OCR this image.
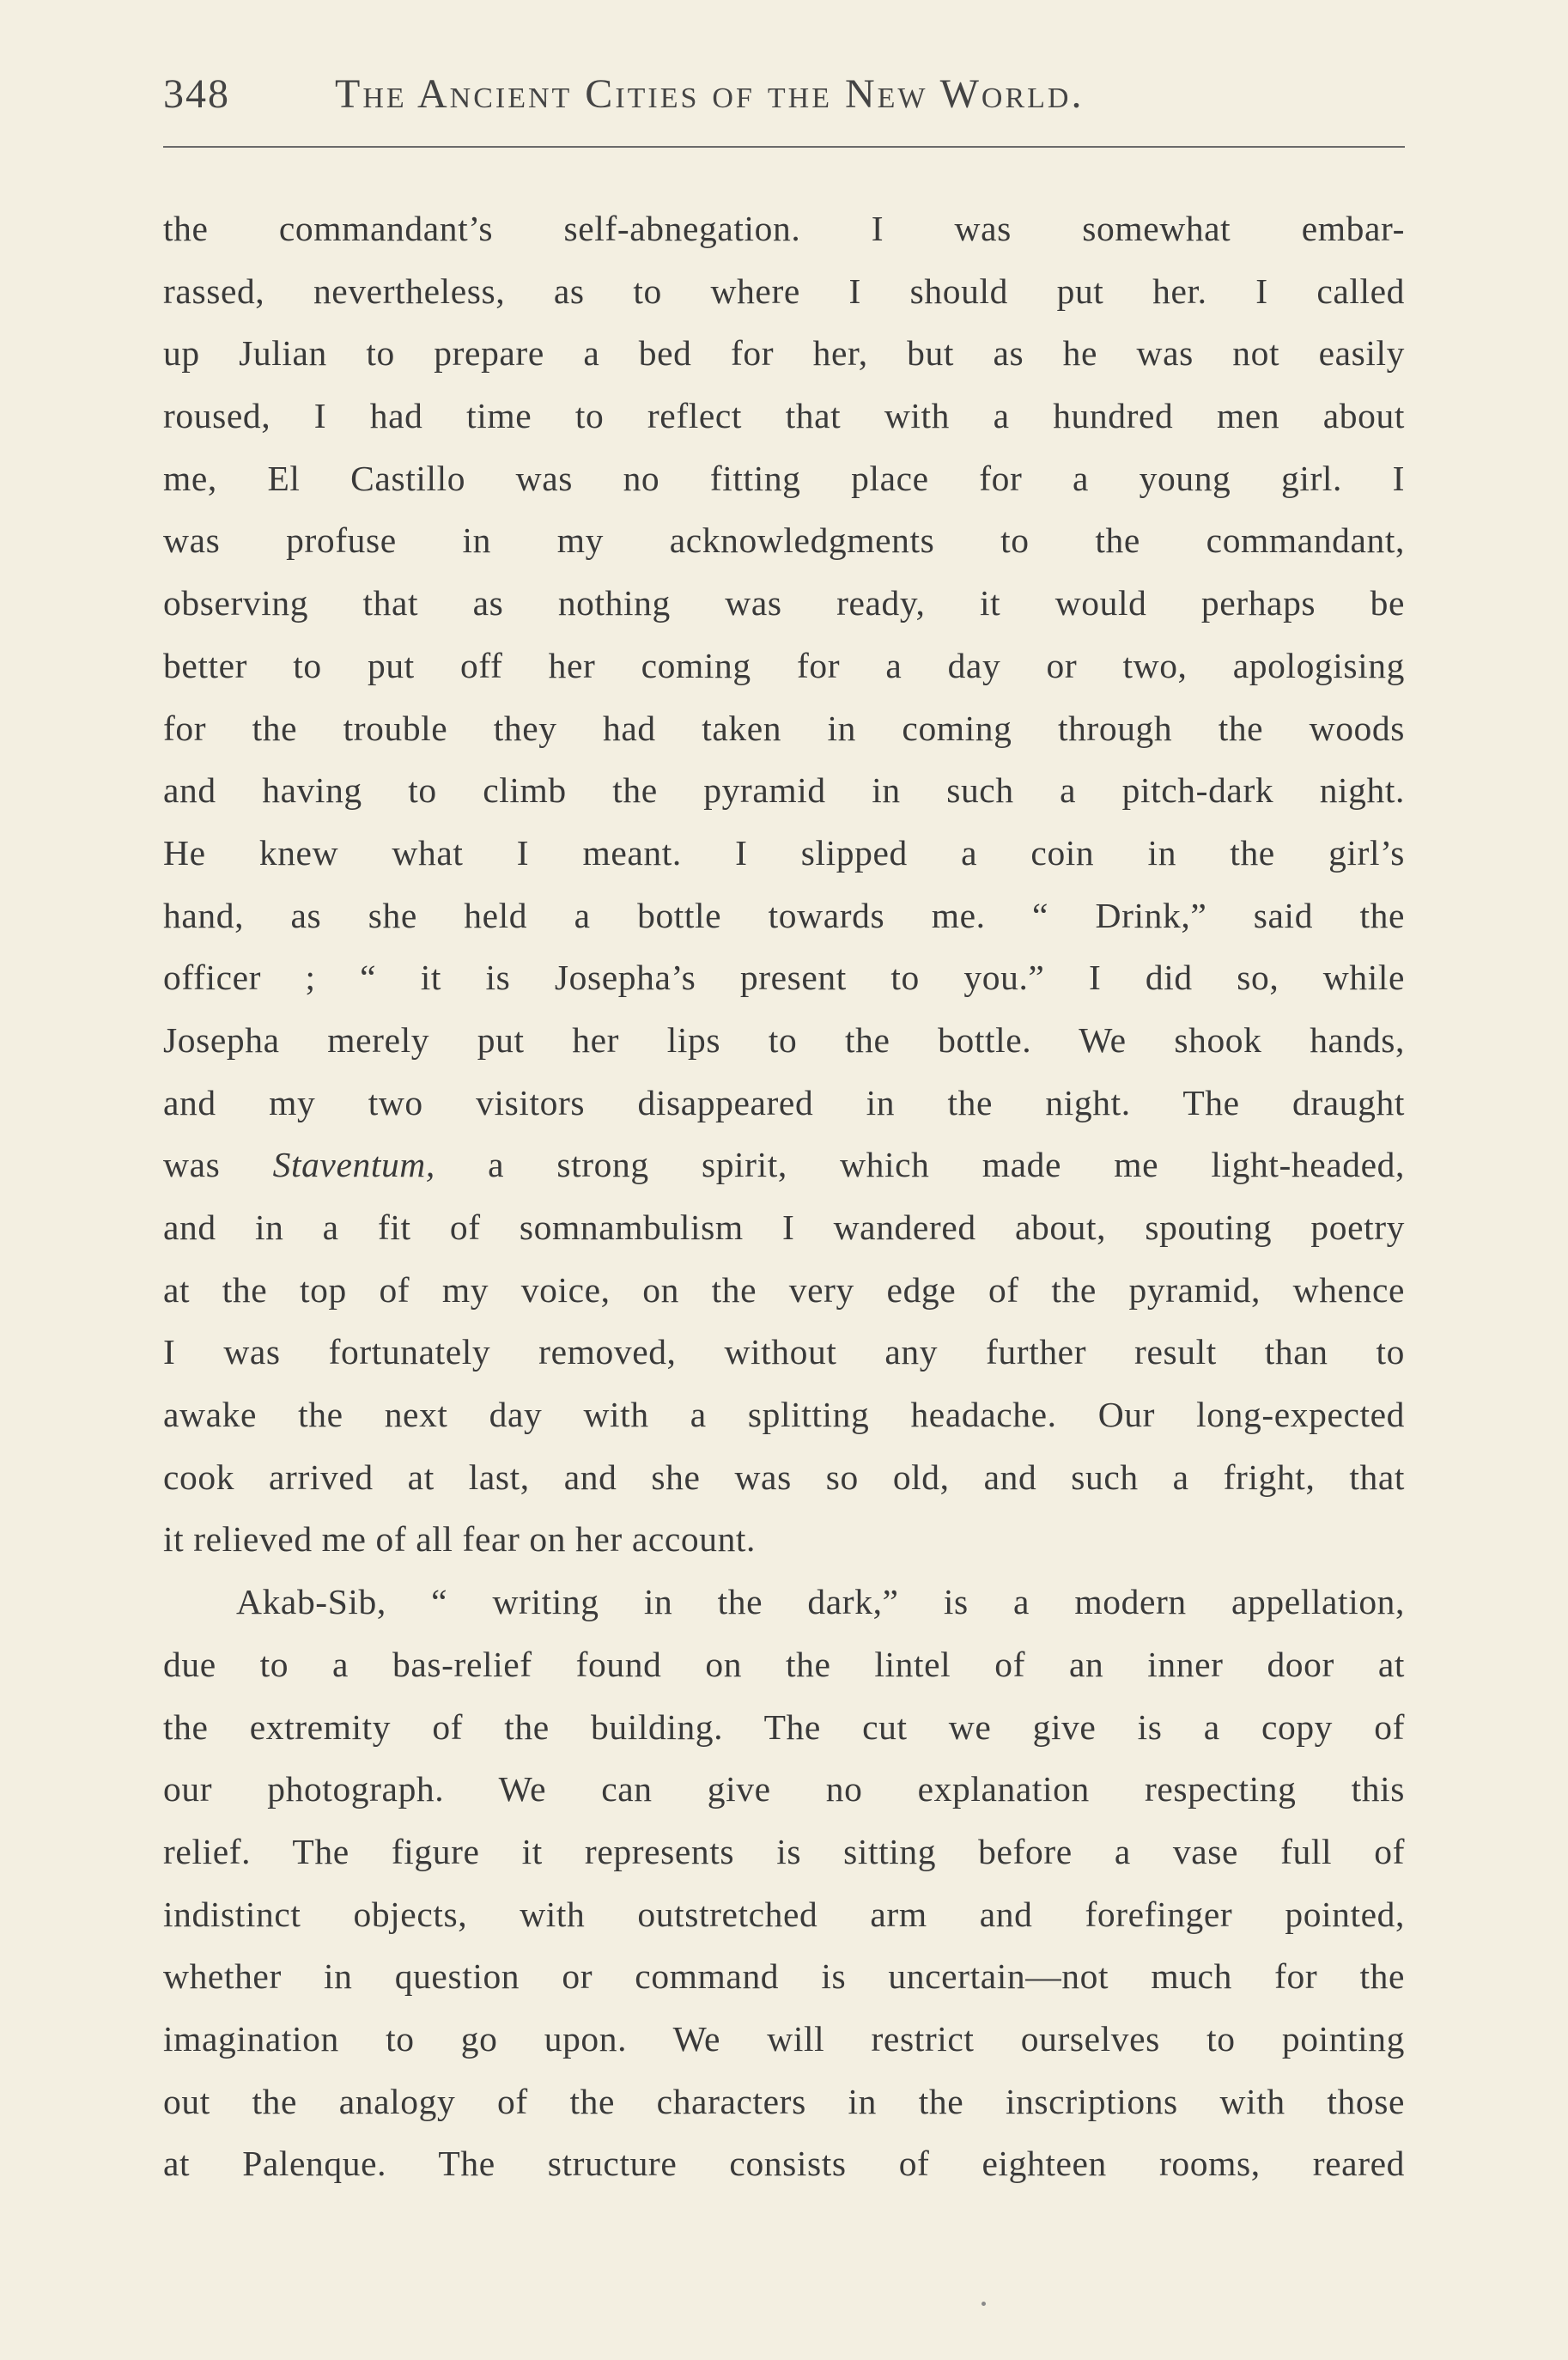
348	The Ancient Cities of the New World.
the commandant’s self-abnegation. I was somewhat embar-
rassed, nevertheless, as to where I should put her. I called
up Julian to prepare a bed for her, but as he was not easily
roused, I had time to reflect that with a hundred men about
me, El Castillo was no fitting place for a young girl. I
was profuse in my acknowledgments to the commandant,
observing that as nothing was ready, it would perhaps be
better to put off her coming for a day or two, apologising
for the trouble they had taken in coming through the woods
and having to climb the pyramid in such a pitch-dark night.
He knew what I meant. I slipped a coin in the girl’s
hand, as she held a bottle towards me. “ Drink,” said the
officer ; “ it is Josepha’s present to you.” I did so, while
Josepha merely put her lips to the bottle. We shook hands,
and my two visitors disappeared in the night. The draught
was Staventum, a strong spirit, which made me light-headed,
and in a fit of somnambulism I wandered about, spouting poetry
at the top of my voice, on the very edge of the pyramid, whence
I was fortunately removed, without any further result than to
awake the next day with a splitting headache. Our long-expected
cook arrived at last, and she was so old, and such a fright, that
it relieved me of all fear on her account.
Akab-Sib, “ writing in the dark,” is a modern appellation,
due to a bas-relief found on the lintel of an inner door at
the extremity of the building. The cut we give is a copy of
our photograph. We can give no explanation respecting this
relief. The figure it represents is sitting before a vase full of
indistinct objects, with outstretched arm and forefinger pointed,
whether in question or command is uncertain—not much for the
imagination to go upon. We will restrict ourselves to pointing
out the analogy of the characters in the inscriptions with those
at Palenque. The structure consists of eighteen rooms, reared
